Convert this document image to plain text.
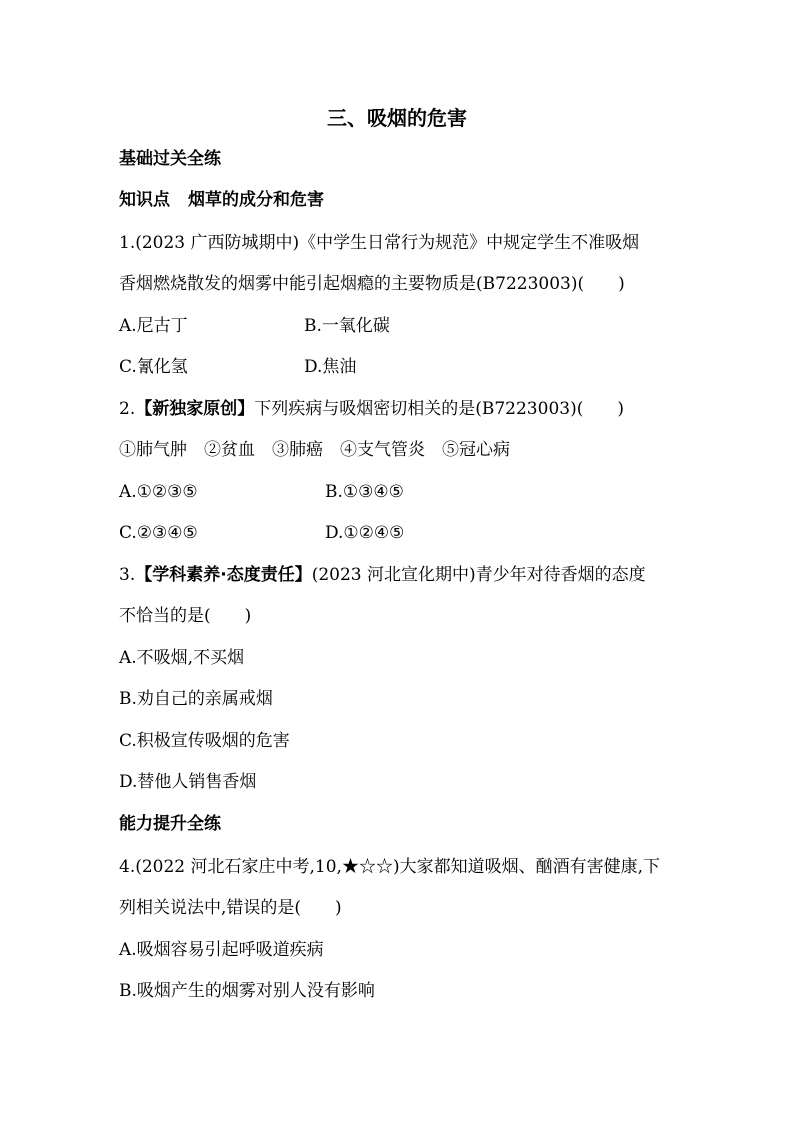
三、吸烟的危害
基础过关全练
知识点 烟草的成分和危害
1.(2023 广西防城期中)《中学生日常行为规范》中规定学生不准吸烟
香烟燃烧散发的烟雾中能引起烟瘾的主要物质是(B7223003)(　　)
A.尼古丁	B.一氧化碳
C.氰化氢	D.焦油
2.【新独家原创】下列疾病与吸烟密切相关的是(B7223003)(　　)
①肺气肿　②贫血　③肺癌　④支气管炎　⑤冠心病
A.①②③⑤	B.①③④⑤
C.②③④⑤	D.①②④⑤
3.【学科素养·态度责任】(2023 河北宣化期中)青少年对待香烟的态度
不恰当的是(　　)
A.不吸烟,不买烟
B.劝自己的亲属戒烟
C.积极宣传吸烟的危害
D.替他人销售香烟
能力提升全练
4.(2022 河北石家庄中考,10,★☆☆)大家都知道吸烟、酗酒有害健康,下
列相关说法中,错误的是(　　)
A.吸烟容易引起呼吸道疾病
B.吸烟产生的烟雾对别人没有影响
